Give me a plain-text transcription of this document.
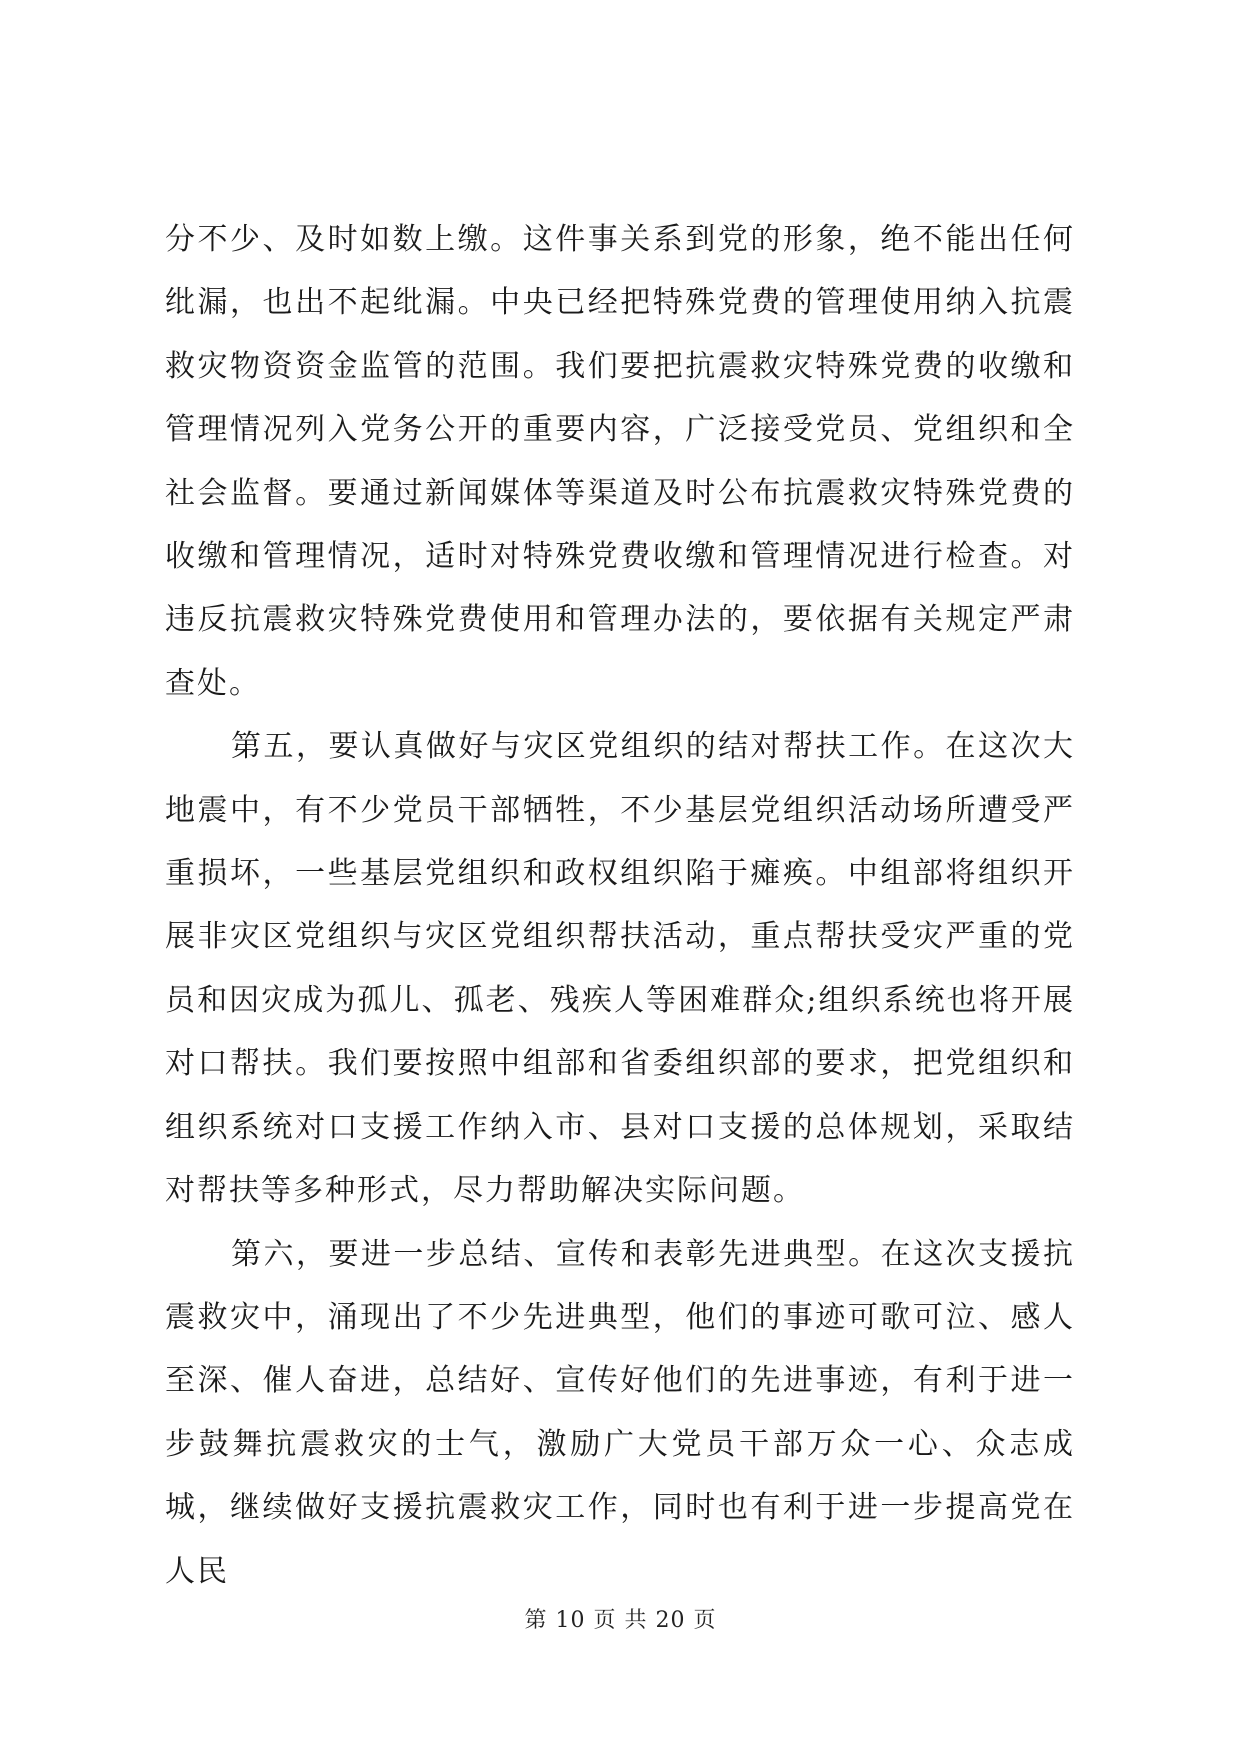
分不少、及时如数上缴。这件事关系到党的形象，绝不能出任何纰漏，也出不起纰漏。中央已经把特殊党费的管理使用纳入抗震救灾物资资金监管的范围。我们要把抗震救灾特殊党费的收缴和管理情况列入党务公开的重要内容，广泛接受党员、党组织和全社会监督。要通过新闻媒体等渠道及时公布抗震救灾特殊党费的收缴和管理情况，适时对特殊党费收缴和管理情况进行检查。对违反抗震救灾特殊党费使用和管理办法的，要依据有关规定严肃查处。

第五，要认真做好与灾区党组织的结对帮扶工作。在这次大地震中，有不少党员干部牺牲，不少基层党组织活动场所遭受严重损坏，一些基层党组织和政权组织陷于瘫痪。中组部将组织开展非灾区党组织与灾区党组织帮扶活动，重点帮扶受灾严重的党员和因灾成为孤儿、孤老、残疾人等困难群众;组织系统也将开展对口帮扶。我们要按照中组部和省委组织部的要求，把党组织和组织系统对口支援工作纳入市、县对口支援的总体规划，采取结对帮扶等多种形式，尽力帮助解决实际问题。

第六，要进一步总结、宣传和表彰先进典型。在这次支援抗震救灾中，涌现出了不少先进典型，他们的事迹可歌可泣、感人至深、催人奋进，总结好、宣传好他们的先进事迹，有利于进一步鼓舞抗震救灾的士气，激励广大党员干部万众一心、众志成城，继续做好支援抗震救灾工作，同时也有利于进一步提高党在人民

第 10 页 共 20 页
